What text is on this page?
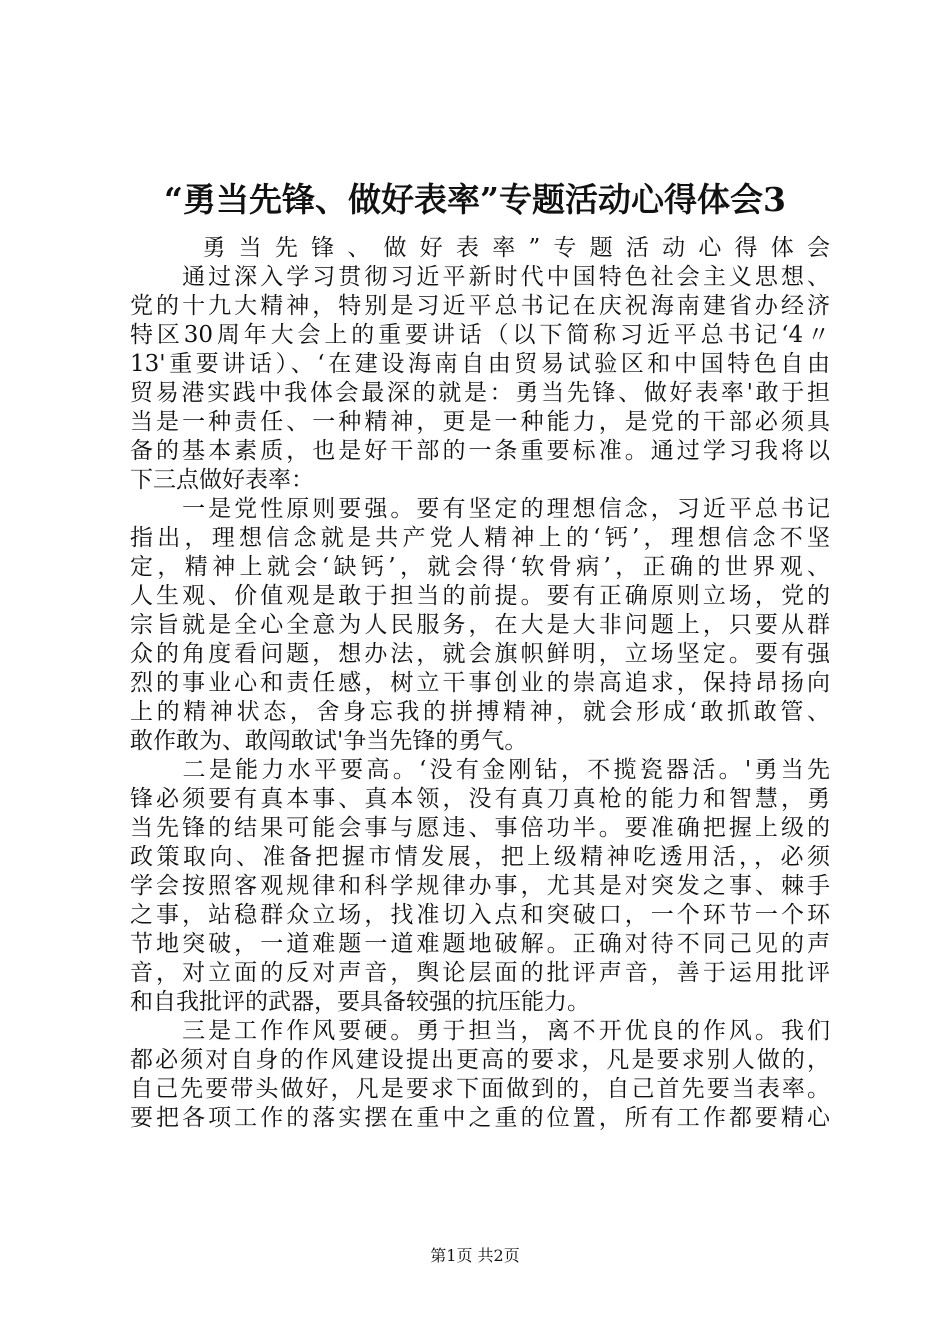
“勇当先锋、做好表率”专题活动心得体会3
　　勇当先锋、做好表率”专题活动心得体会
　　通过深入学习贯彻习近平新时代中国特色社会主义思想、
党的十九大精神，特别是习近平总书记在庆祝海南建省办经济
特区30周年大会上的重要讲话（以下简称习近平总书记‘4〃
13'重要讲话）、‘在建设海南自由贸易试验区和中国特色自由
贸易港实践中我体会最深的就是：勇当先锋、做好表率'敢于担
当是一种责任、一种精神，更是一种能力，是党的干部必须具
备的基本素质，也是好干部的一条重要标准。通过学习我将以
下三点做好表率：
　　一是党性原则要强。要有坚定的理想信念，习近平总书记
指出，理想信念就是共产党人精神上的‘钙’，理想信念不坚
定，精神上就会‘缺钙’，就会得‘软骨病’，正确的世界观、
人生观、价值观是敢于担当的前提。要有正确原则立场，党的
宗旨就是全心全意为人民服务，在大是大非问题上，只要从群
众的角度看问题，想办法，就会旗帜鲜明，立场坚定。要有强
烈的事业心和责任感，树立干事创业的崇高追求，保持昂扬向
上的精神状态，舍身忘我的拼搏精神，就会形成‘敢抓敢管、
敢作敢为、敢闯敢试'争当先锋的勇气。
　　二是能力水平要高。‘没有金刚钻，不揽瓷器活。'勇当先
锋必须要有真本事、真本领，没有真刀真枪的能力和智慧，勇
当先锋的结果可能会事与愿违、事倍功半。要准确把握上级的
政策取向、准备把握市情发展，把上级精神吃透用活，，必须
学会按照客观规律和科学规律办事，尤其是对突发之事、棘手
之事，站稳群众立场，找准切入点和突破口，一个环节一个环
节地突破，一道难题一道难题地破解。正确对待不同己见的声
音，对立面的反对声音，舆论层面的批评声音，善于运用批评
和自我批评的武器，要具备较强的抗压能力。
　　三是工作作风要硬。勇于担当，离不开优良的作风。我们
都必须对自身的作风建设提出更高的要求，凡是要求别人做的，
自己先要带头做好，凡是要求下面做到的，自己首先要当表率。
要把各项工作的落实摆在重中之重的位置，所有工作都要精心
第1页 共2页
